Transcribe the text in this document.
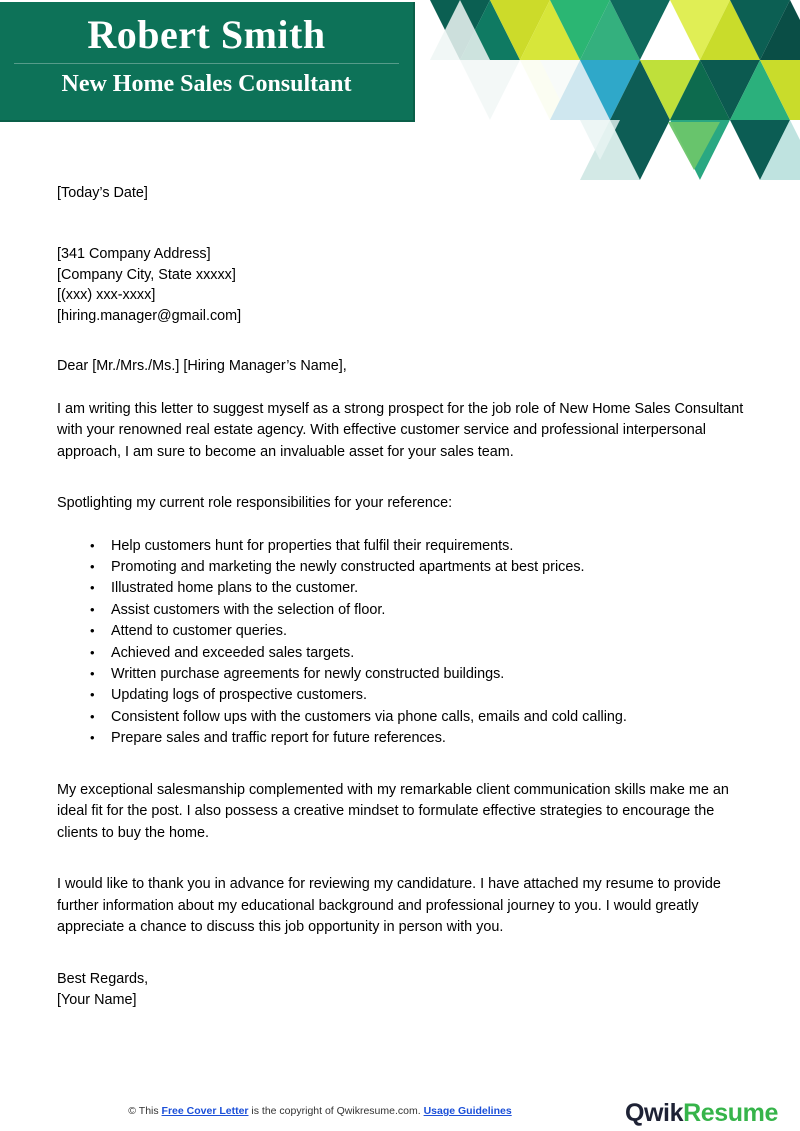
Robert Smith
New Home Sales Consultant
[Today’s Date]
[341 Company Address]
[Company City, State xxxxx]
[(xxx) xxx-xxxx]
[hiring.manager@gmail.com]
Dear [Mr./Mrs./Ms.] [Hiring Manager’s Name],
I am writing this letter to suggest myself as a strong prospect for the job role of New Home Sales Consultant with your renowned real estate agency. With effective customer service and professional interpersonal approach, I am sure to become an invaluable asset for your sales team.
Spotlighting my current role responsibilities for your reference:
• Help customers hunt for properties that fulfil their requirements.
• Promoting and marketing the newly constructed apartments at best prices.
• Illustrated home plans to the customer.
• Assist customers with the selection of floor.
• Attend to customer queries.
• Achieved and exceeded sales targets.
• Written purchase agreements for newly constructed buildings.
• Updating logs of prospective customers.
• Consistent follow ups with the customers via phone calls, emails and cold calling.
• Prepare sales and traffic report for future references.
My exceptional salesmanship complemented with my remarkable client communication skills make me an ideal fit for the post. I also possess a creative mindset to formulate effective strategies to encourage the clients to buy the home.
I would like to thank you in advance for reviewing my candidature. I have attached my resume to provide further information about my educational background and professional journey to you. I would greatly appreciate a chance to discuss this job opportunity in person with you.
Best Regards,
[Your Name]
© This Free Cover Letter is the copyright of Qwikresume.com. Usage Guidelines	QwikResume
